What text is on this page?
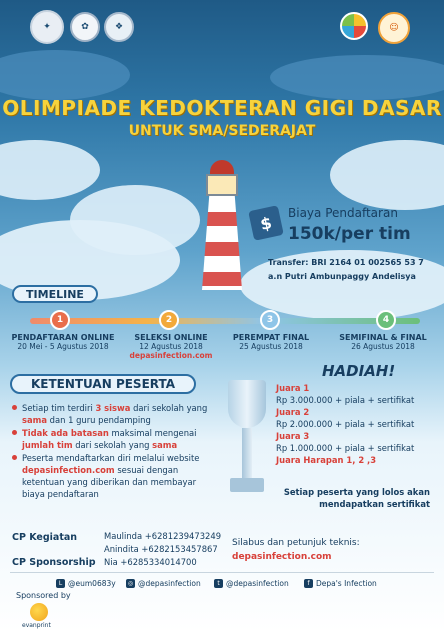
✦	✿	❖	☺
OLIMPIADE KEDOKTERAN GIGI DASAR
UNTUK SMA/SEDERAJAT
$	Biaya Pendaftaran
150k/per tim
Transfer: BRI 2164 01 002565 53 7
a.n Putri Ambunpaggy Andelisya
TIMELINE
1	2	3	4
PENDAFTARAN ONLINE
20 Mei - 5 Agustus 2018
SELEKSI ONLINE
12 Agustus 2018
depasinfection.com
PEREMPAT FINAL
25 Agustus 2018
SEMIFINAL & FINAL
26 Agustus 2018
KETENTUAN PESERTA
Setiap tim terdiri 3 siswa dari sekolah yang sama dan 1 guru pendamping
Tidak ada batasan maksimal mengenai jumlah tim dari sekolah yang sama
Peserta mendaftarkan diri melalui website depasinfection.com sesuai dengan ketentuan yang diberikan dan membayar biaya pendaftaran
HADIAH!
Juara 1
Rp 3.000.000 + piala + sertifikat
Juara 2
Rp 2.000.000 + piala + sertifikat
Juara 3
Rp 1.000.000 + piala + sertifikat
Juara Harapan 1, 2 ,3
Setiap peserta yang lolos akan
mendapatkan sertifikat
CP Kegiatan	Maulinda +6281239473249
Anindita +6282153457867
CP Sponsorship Nia +6285334014700
Silabus dan petunjuk teknis:
depasinfection.com
L @eum0683y	◎ @depasinfection	t @depasinfection	f Depa's Infection
Sponsored by
evanprint
